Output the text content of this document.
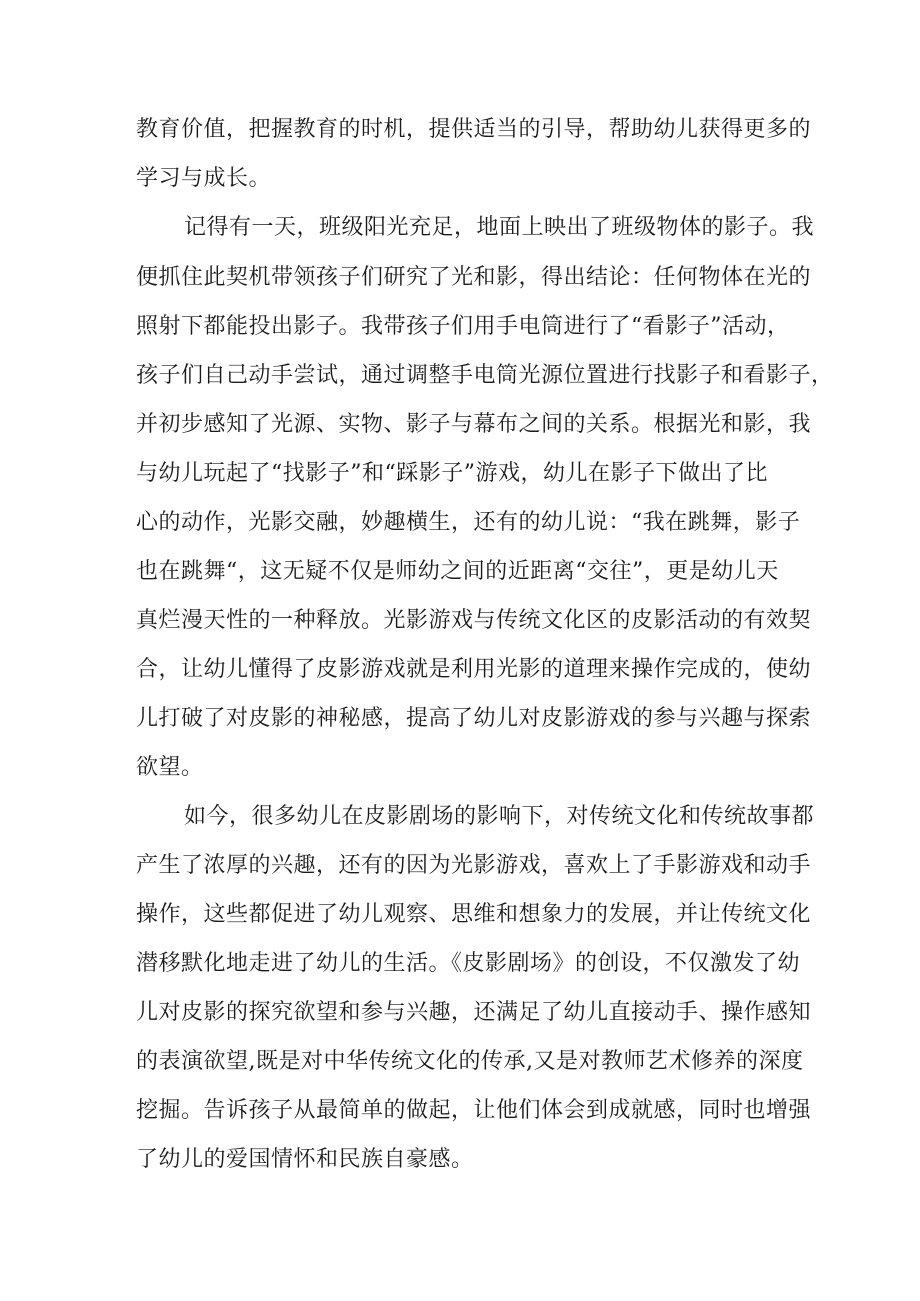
教育价值，把握教育的时机，提供适当的引导，帮助幼儿获得更多的
学习与成长。
记得有一天，班级阳光充足，地面上映出了班级物体的影子。我
便抓住此契机带领孩子们研究了光和影，得出结论：任何物体在光的
照射下都能投出影子。我带孩子们用手电筒进行了“看影子”活动，
孩子们自己动手尝试，通过调整手电筒光源位置进行找影子和看影子，
并初步感知了光源、实物、影子与幕布之间的关系。根据光和影，我
与幼儿玩起了“找影子”和“踩影子”游戏，幼儿在影子下做出了比
心的动作，光影交融，妙趣横生，还有的幼儿说：“我在跳舞，影子
也在跳舞“，这无疑不仅是师幼之间的近距离“交往”，更是幼儿天
真烂漫天性的一种释放。光影游戏与传统文化区的皮影活动的有效契
合，让幼儿懂得了皮影游戏就是利用光影的道理来操作完成的，使幼
儿打破了对皮影的神秘感，提高了幼儿对皮影游戏的参与兴趣与探索
欲望。
如今，很多幼儿在皮影剧场的影响下，对传统文化和传统故事都
产生了浓厚的兴趣，还有的因为光影游戏，喜欢上了手影游戏和动手
操作，这些都促进了幼儿观察、思维和想象力的发展，并让传统文化
潜移默化地走进了幼儿的生活。《皮影剧场》的创设，不仅激发了幼
儿对皮影的探究欲望和参与兴趣，还满足了幼儿直接动手、操作感知
的表演欲望,既是对中华传统文化的传承,又是对教师艺术修养的深度
挖掘。告诉孩子从最简单的做起，让他们体会到成就感，同时也增强
了幼儿的爱国情怀和民族自豪感。
